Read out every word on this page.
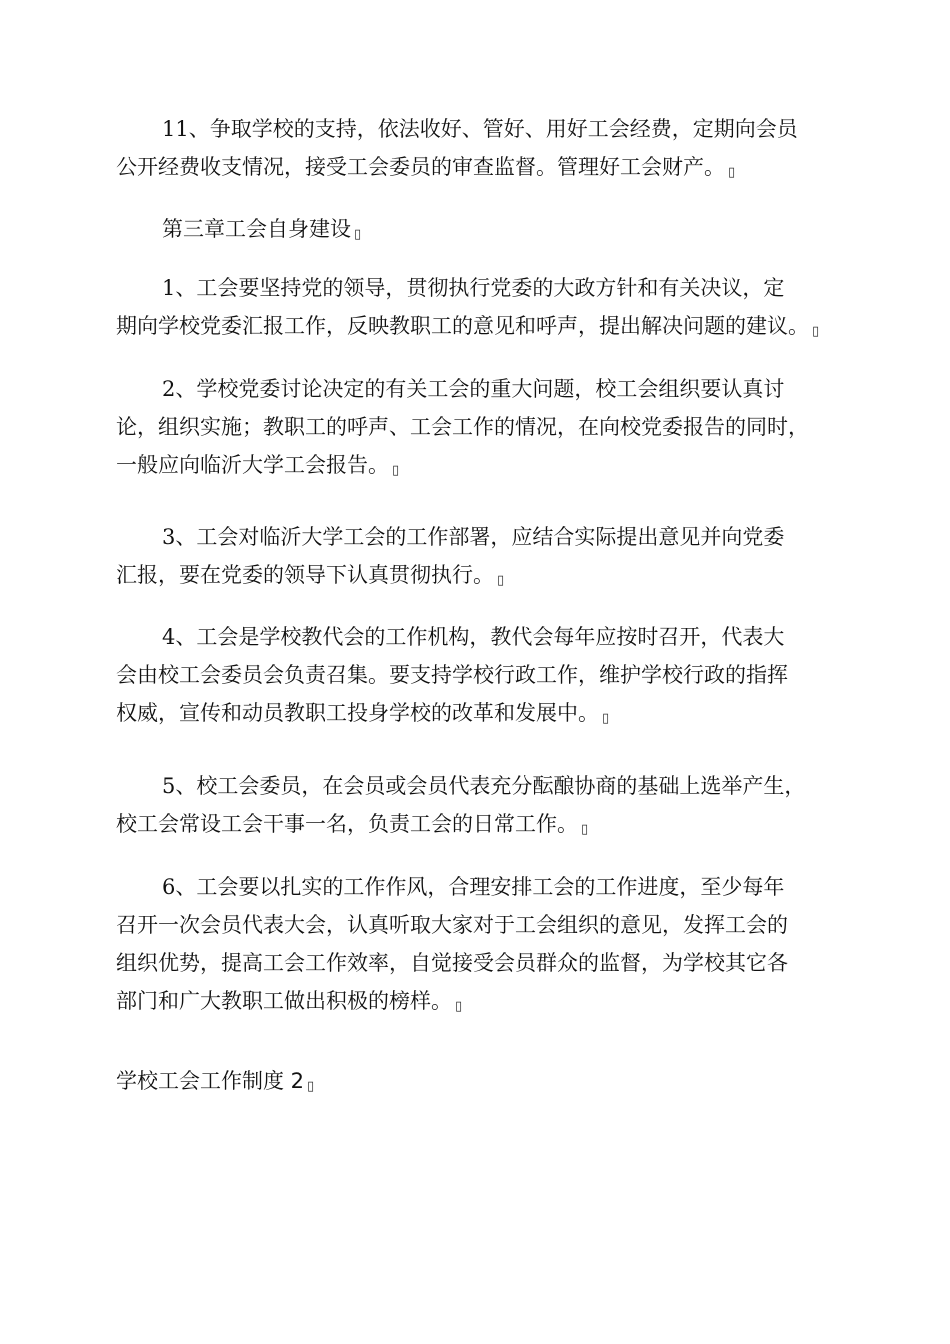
11、争取学校的支持，依法收好、管好、用好工会经费，定期向会员
公开经费收支情况，接受工会委员的审查监督。管理好工会财产。 ▯

第三章工会自身建设 ▯

1、工会要坚持党的领导，贯彻执行党委的大政方针和有关决议，定
期向学校党委汇报工作，反映教职工的意见和呼声，提出解决问题的建议。 ▯

2、学校党委讨论决定的有关工会的重大问题，校工会组织要认真讨
论，组织实施；教职工的呼声、工会工作的情况，在向校党委报告的同时，
一般应向临沂大学工会报告。 ▯

3、工会对临沂大学工会的工作部署，应结合实际提出意见并向党委
汇报，要在党委的领导下认真贯彻执行。 ▯

4、工会是学校教代会的工作机构，教代会每年应按时召开，代表大
会由校工会委员会负责召集。要支持学校行政工作，维护学校行政的指挥
权威，宣传和动员教职工投身学校的改革和发展中。 ▯

5、校工会委员，在会员或会员代表充分酝酿协商的基础上选举产生，
校工会常设工会干事一名，负责工会的日常工作。 ▯

6、工会要以扎实的工作作风，合理安排工会的工作进度，至少每年
召开一次会员代表大会，认真听取大家对于工会组织的意见，发挥工会的
组织优势，提高工会工作效率，自觉接受会员群众的监督，为学校其它各
部门和广大教职工做出积极的榜样。 ▯

学校工会工作制度 2 ▯
